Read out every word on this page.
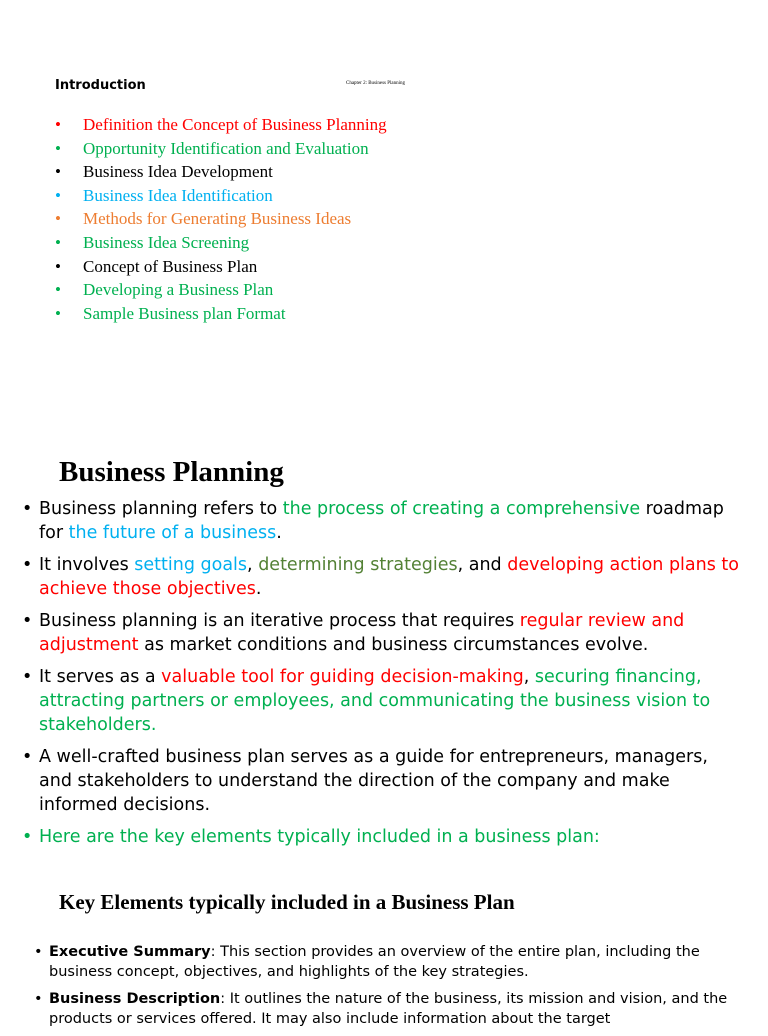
Introduction	Chapter 2: Business Planning
• Definition the Concept of Business Planning
• Opportunity Identification and Evaluation
• Business Idea Development
• Business Idea Identification
• Methods for Generating Business Ideas
• Business Idea Screening
• Concept of Business Plan
• Developing a Business Plan
• Sample Business plan Format
Business Planning
• Business planning refers to the process of creating a comprehensive roadmap for the future of a business.
• It involves setting goals, determining strategies, and developing action plans to achieve those objectives.
• Business planning is an iterative process that requires regular review and adjustment as market conditions and business circumstances evolve.
• It serves as a valuable tool for guiding decision-making, securing financing, attracting partners or employees, and communicating the business vision to stakeholders.
• A well-crafted business plan serves as a guide for entrepreneurs, managers, and stakeholders to understand the direction of the company and make informed decisions.
• Here are the key elements typically included in a business plan:
Key Elements typically included in a Business Plan
• Executive Summary: This section provides an overview of the entire plan, including the business concept, objectives, and highlights of the key strategies.
• Business Description: It outlines the nature of the business, its mission and vision, and the products or services offered. It may also include information about the target
